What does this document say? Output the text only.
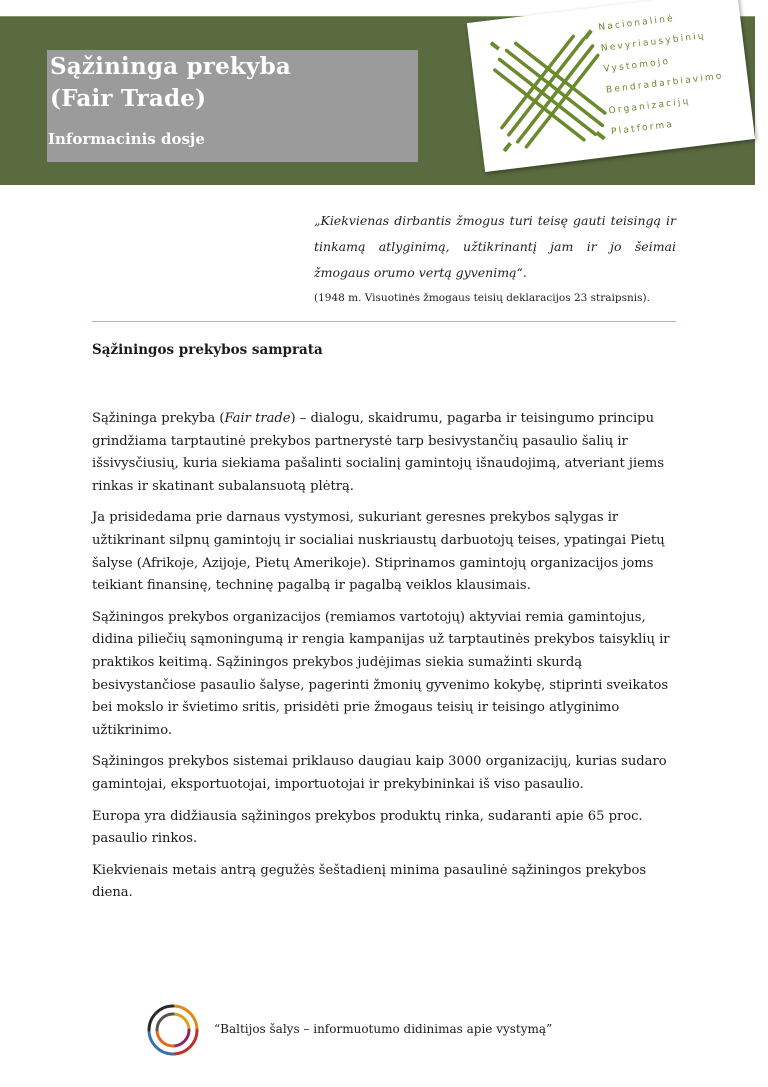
Sąžininga prekyba
(Fair Trade)
Informacinis dosje
Nacionalinė
Nevyriausybinių
Vystomojo
Bendradarbiavimo
Organizacijų
Platforma
„Kiekvienas dirbantis žmogus turi teisę gauti teisingą ir tinkamą atlyginimą, užtikrinantį jam ir jo šeimai žmogaus orumo vertą gyvenimą“.
(1948 m. Visuotinės žmogaus teisių deklaracijos 23 straipsnis).
Sąžiningos prekybos samprata

Sąžininga prekyba (Fair trade) – dialogu, skaidrumu, pagarba ir teisingumo principu grindžiama tarptautinė prekybos partnerystė tarp besivystančių pasaulio šalių ir išsivysčiusių, kuria siekiama pašalinti socialinį gamintojų išnaudojimą, atveriant jiems rinkas ir skatinant subalansuotą plėtrą.

Ja prisidedama prie darnaus vystymosi, sukuriant geresnes prekybos sąlygas ir užtikrinant silpnų gamintojų ir socialiai nuskriaustų darbuotojų teises, ypatingai Pietų šalyse (Afrikoje, Azijoje, Pietų Amerikoje). Stiprinamos gamintojų organizacijos joms teikiant finansinę, techninę pagalbą ir pagalbą veiklos klausimais.

Sąžiningos prekybos organizacijos (remiamos vartotojų) aktyviai remia gamintojus, didina piliečių sąmoningumą ir rengia kampanijas už tarptautinės prekybos taisyklių ir praktikos keitimą. Sąžiningos prekybos judėjimas siekia sumažinti skurdą besivystančiose pasaulio šalyse, pagerinti žmonių gyvenimo kokybę, stiprinti sveikatos bei mokslo ir švietimo sritis, prisidėti prie žmogaus teisių ir teisingo atlyginimo užtikrinimo.

Sąžiningos prekybos sistemai priklauso daugiau kaip 3000 organizacijų, kurias sudaro gamintojai, eksportuotojai, importuotojai ir prekybininkai iš viso pasaulio.

Europa yra didžiausia sąžiningos prekybos produktų rinka, sudaranti apie 65 proc. pasaulio rinkos.

Kiekvienais metais antrą gegužės šeštadienį minima pasaulinė sąžiningos prekybos diena.

“Baltijos šalys – informuotumo didinimas apie vystymą”
